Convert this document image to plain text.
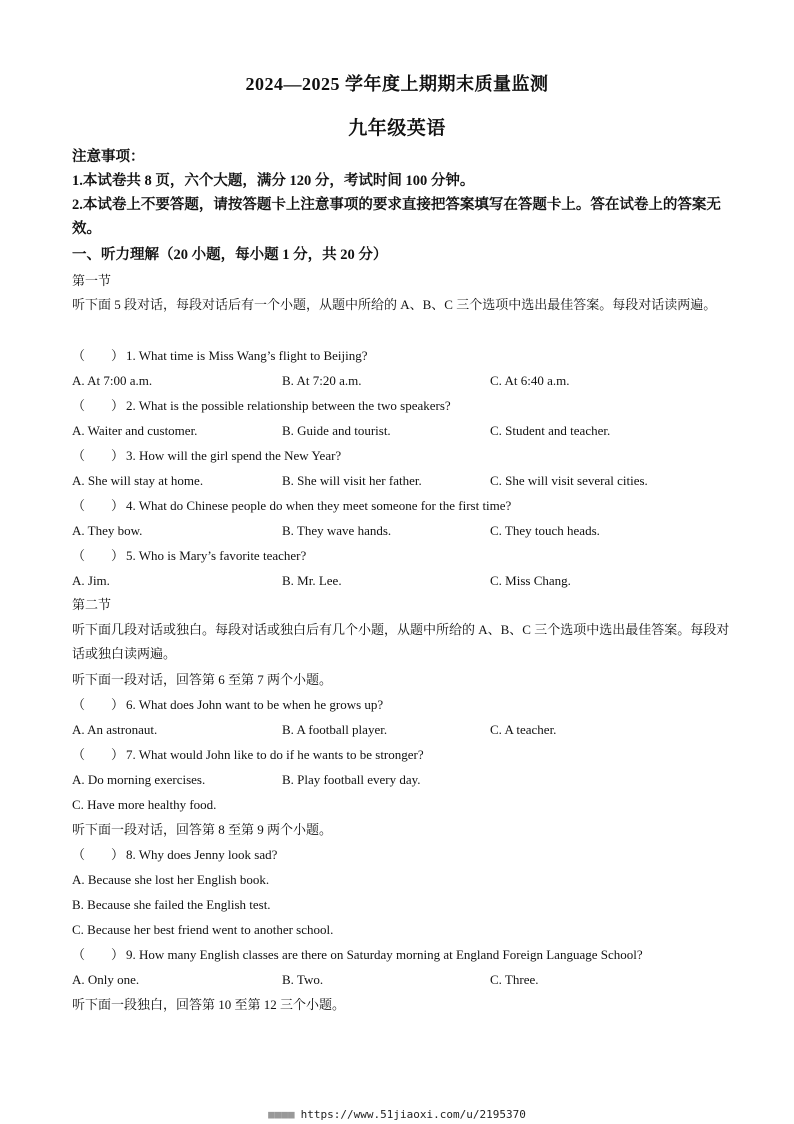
2024—2025 学年度上期期末质量监测
九年级英语
注意事项：
1.本试卷共 8 页，六个大题，满分 120 分，考试时间 100 分钟。
2.本试卷上不要答题，请按答题卡上注意事项的要求直接把答案填写在答题卡上。答在试卷上的答案无效。
一、听力理解（20 小题，每小题 1 分，共 20 分）
第一节
听下面 5 段对话，每段对话后有一个小题，从题中所给的 A、B、C 三个选项中选出最佳答案。每段对话读两遍。
（　　） 1. What time is Miss Wang’s flight to Beijing?
A. At 7:00 a.m.	B. At 7:20 a.m.	C. At 6:40 a.m.
（　　） 2. What is the possible relationship between the two speakers?
A. Waiter and customer.	B. Guide and tourist.	C. Student and teacher.
（　　） 3. How will the girl spend the New Year?
A. She will stay at home.	B. She will visit her father.	C. She will visit several cities.
（　　） 4. What do Chinese people do when they meet someone for the first time?
A. They bow.	B. They wave hands.	C. They touch heads.
（　　） 5. Who is Mary’s favorite teacher?
A. Jim.	B. Mr. Lee.	C. Miss Chang.
第二节
听下面几段对话或独白。每段对话或独白后有几个小题，从题中所给的 A、B、C 三个选项中选出最佳答案。每段对话或独白读两遍。
听下面一段对话，回答第 6 至第 7 两个小题。
（　　） 6. What does John want to be when he grows up?
A. An astronaut.	B. A football player.	C. A teacher.
（　　） 7. What would John like to do if he wants to be stronger?
A. Do morning exercises.	B. Play football every day.
C. Have more healthy food.
听下面一段对话，回答第 8 至第 9 两个小题。
（　　） 8. Why does Jenny look sad?
A. Because she lost her English book.
B. Because she failed the English test.
C. Because her best friend went to another school.
（　　） 9. How many English classes are there on Saturday morning at England Foreign Language School?
A. Only one.	B. Two.	C. Three.
听下面一段独白，回答第 10 至第 12 三个小题。
■■■■ https://www.51jiaoxi.com/u/2195370
